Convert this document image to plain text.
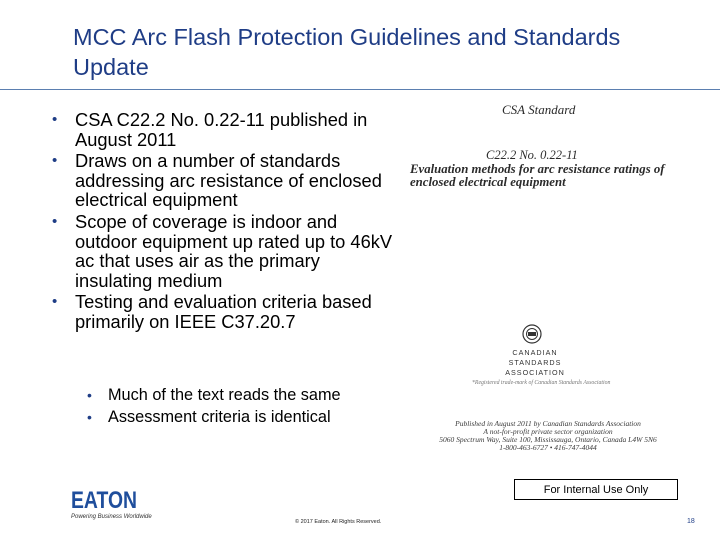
MCC Arc Flash Protection Guidelines and Standards Update
• CSA C22.2 No. 0.22-11 published in August 2011
• Draws on a number of standards addressing arc resistance of enclosed electrical equipment
• Scope of coverage is indoor and outdoor equipment up rated up to 46kV ac that uses air as the primary insulating medium
• Testing and evaluation criteria based primarily on IEEE C37.20.7
• Much of the text reads the same
• Assessment criteria is identical
CSA Standard
C22.2 No. 0.22-11
Evaluation methods for arc resistance ratings of enclosed electrical equipment
CANADIAN STANDARDS
ASSOCIATION
*Registered trade-mark of Canadian Standards Association
Published in August 2011 by Canadian Standards Association
A not-for-profit private sector organization
5060 Spectrum Way, Suite 100, Mississauga, Ontario, Canada L4W 5N6
1-800-463-6727 • 416-747-4044
For Internal Use Only
EATON
Powering Business Worldwide
© 2017 Eaton. All Rights Reserved.	18
